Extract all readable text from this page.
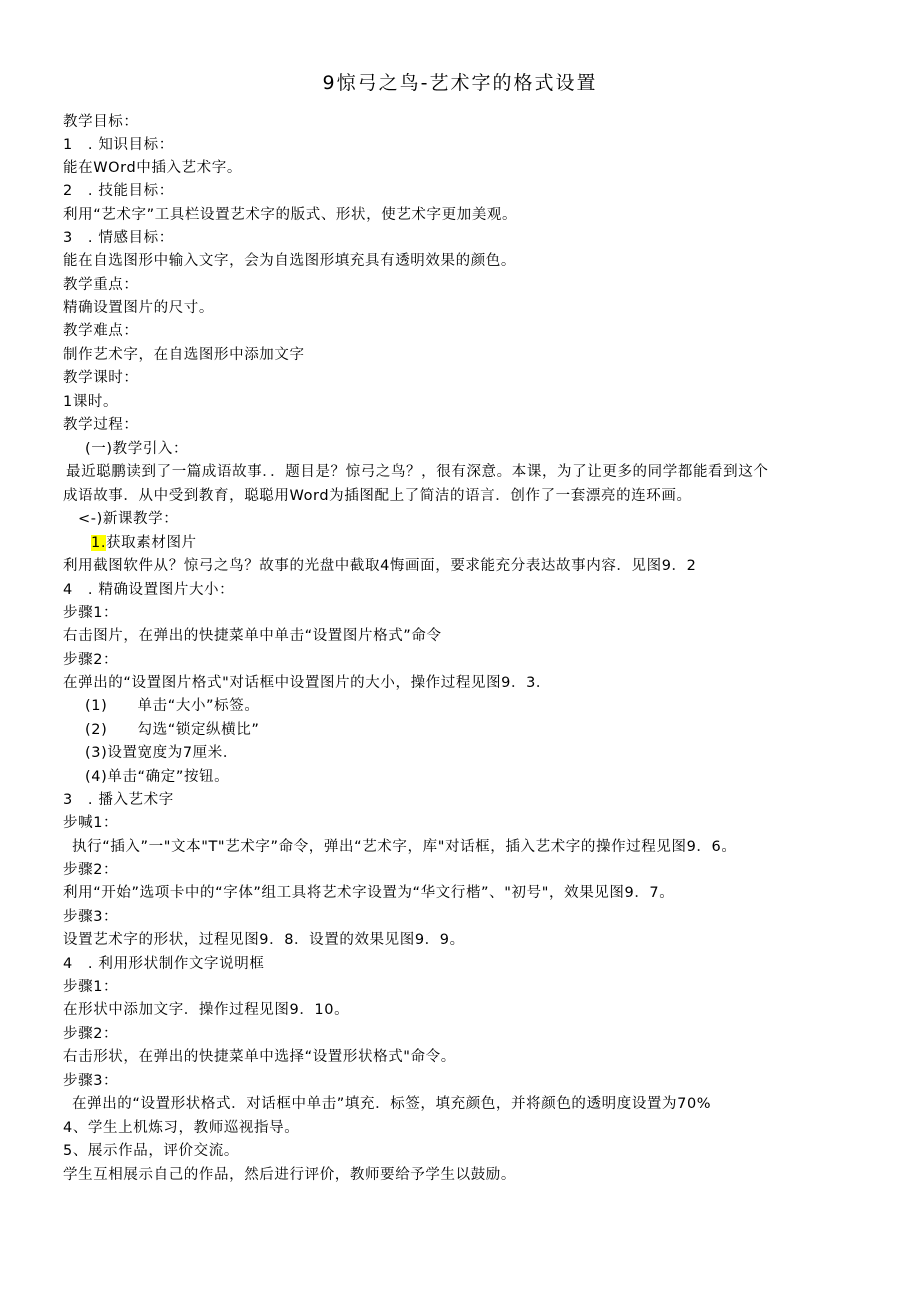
9惊弓之鸟-艺术字的格式设置
教学目标：
1　. 知识目标：
能在WOrd中插入艺术字。
2　. 技能目标：
利用“艺术字”工具栏设置艺术字的版式、形状，使艺术字更加美观。
3　. 情感目标：
能在自选图形中输入文字，会为自选图形填充具有透明效果的颜色。
教学重点：
精确设置图片的尺寸。
教学难点：
制作艺术字，在自选图形中添加文字
教学课时：
1课时。
教学过程：
(一)教学引入：
最近聪鹏读到了一篇成语故事．．题目是？惊弓之鸟？，很有深意。本课，为了让更多的同学都能看到这个
成语故事．从中受到教育，聪聪用Word为插图配上了简洁的语言．创作了一套漂亮的连环画。
<-)新课教学：
1.获取素材图片
利用截图软件从？惊弓之鸟？故事的光盘中截取4悔画面，要求能充分表达故事内容．见图9．2
4　. 精确设置图片大小：
步骤1：
右击图片，在弹出的快捷菜单中单击“设置图片格式”命令
步骤2：
在弹出的“设置图片格式"对话框中设置图片的大小，操作过程见图9．3．
(1)　　单击“大小”标签。
(2)　　勾选“锁定纵横比”
(3)设置宽度为7厘米．
(4)单击“确定”按钮。
3　. 播入艺术字
步喊1：
执行“插入”一"文本"T"艺术字”命令，弹出“艺术字，库"对话框，插入艺术字的操作过程见图9．6。
步骤2：
利用“开始”选项卡中的“字体”组工具将艺术字设置为“华文行楷”、"初号"，效果见图9．7。
步骤3：
设置艺术字的形状，过程见图9．8．设置的效果见图9．9。
4　. 利用形状制作文字说明框
步骤1：
在形状中添加文字．操作过程见图9．10。
步骤2：
右击形状，在弹出的快捷菜单中选择“设置形状格式"命令。
步骤3：
在弹出的“设置形状格式．对话框中单击”填充．标签，填充颜色，并将颜色的透明度设置为70%
4、学生上机炼习，教师巡视指导。
5、展示作品，评价交流。
学生互相展示自己的作品，然后进行评价，教师要给予学生以鼓励。
